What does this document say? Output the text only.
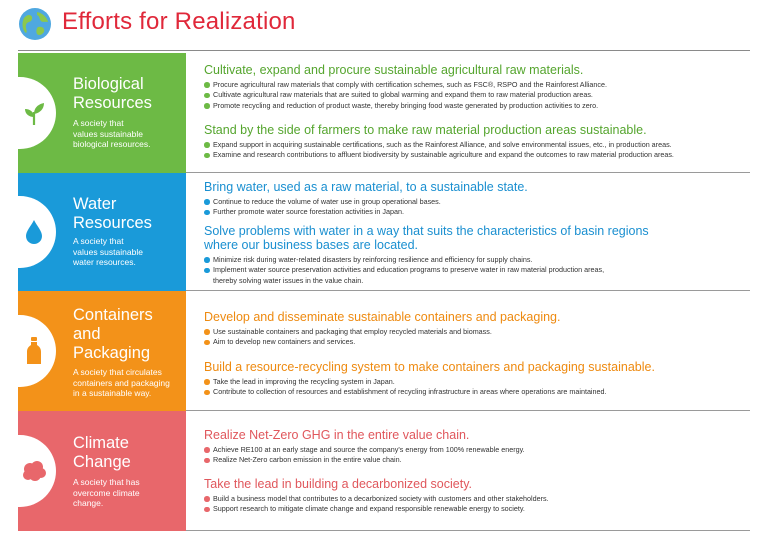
Efforts for Realization
Biological
Resources
A society that
values sustainable
biological resources.
Cultivate, expand and procure sustainable agricultural raw materials.
Procure agricultural raw materials that comply with certification schemes, such as FSC®, RSPO and the Rainforest Alliance.
Cultivate agricultural raw materials that are suited to global warming and expand them to raw material production areas.
Promote recycling and reduction of product waste, thereby bringing food waste generated by production activities to zero.
Stand by the side of farmers to make raw material production areas sustainable.
Expand support in acquiring sustainable certifications, such as the Rainforest Alliance, and solve environmental issues, etc., in production areas.
Examine and research contributions to affluent biodiversity by sustainable agriculture and expand the outcomes to raw material production areas.
Water
Resources
A society that
values sustainable
water resources.
Bring water, used as a raw material, to a sustainable state.
Continue to reduce the volume of water use in group operational bases.
Further promote water source forestation activities in Japan.
Solve problems with water in a way that suits the characteristics of basin regions
where our business bases are located.
Minimize risk during water-related disasters by reinforcing resilience and efficiency for supply chains.
Implement water source preservation activities and education programs to preserve water in raw material production areas,
thereby solving water issues in the value chain.
Containers
and
Packaging
A society that circulates
containers and packaging
in a sustainable way.
Develop and disseminate sustainable containers and packaging.
Use sustainable containers and packaging that employ recycled materials and biomass.
Aim to develop new containers and services.
Build a resource-recycling system to make containers and packaging sustainable.
Take the lead in improving the recycling system in Japan.
Contribute to collection of resources and establishment of recycling infrastructure in areas where operations are maintained.
Climate
Change
A society that has
overcome climate
change.
Realize Net-Zero GHG in the entire value chain.
Achieve RE100 at an early stage and source the company's energy from 100% renewable energy.
Realize Net-Zero carbon emission in the entire value chain.
Take the lead in building a decarbonized society.
Build a business model that contributes to a decarbonized society with customers and other stakeholders.
Support research to mitigate climate change and expand responsible renewable energy to society.
